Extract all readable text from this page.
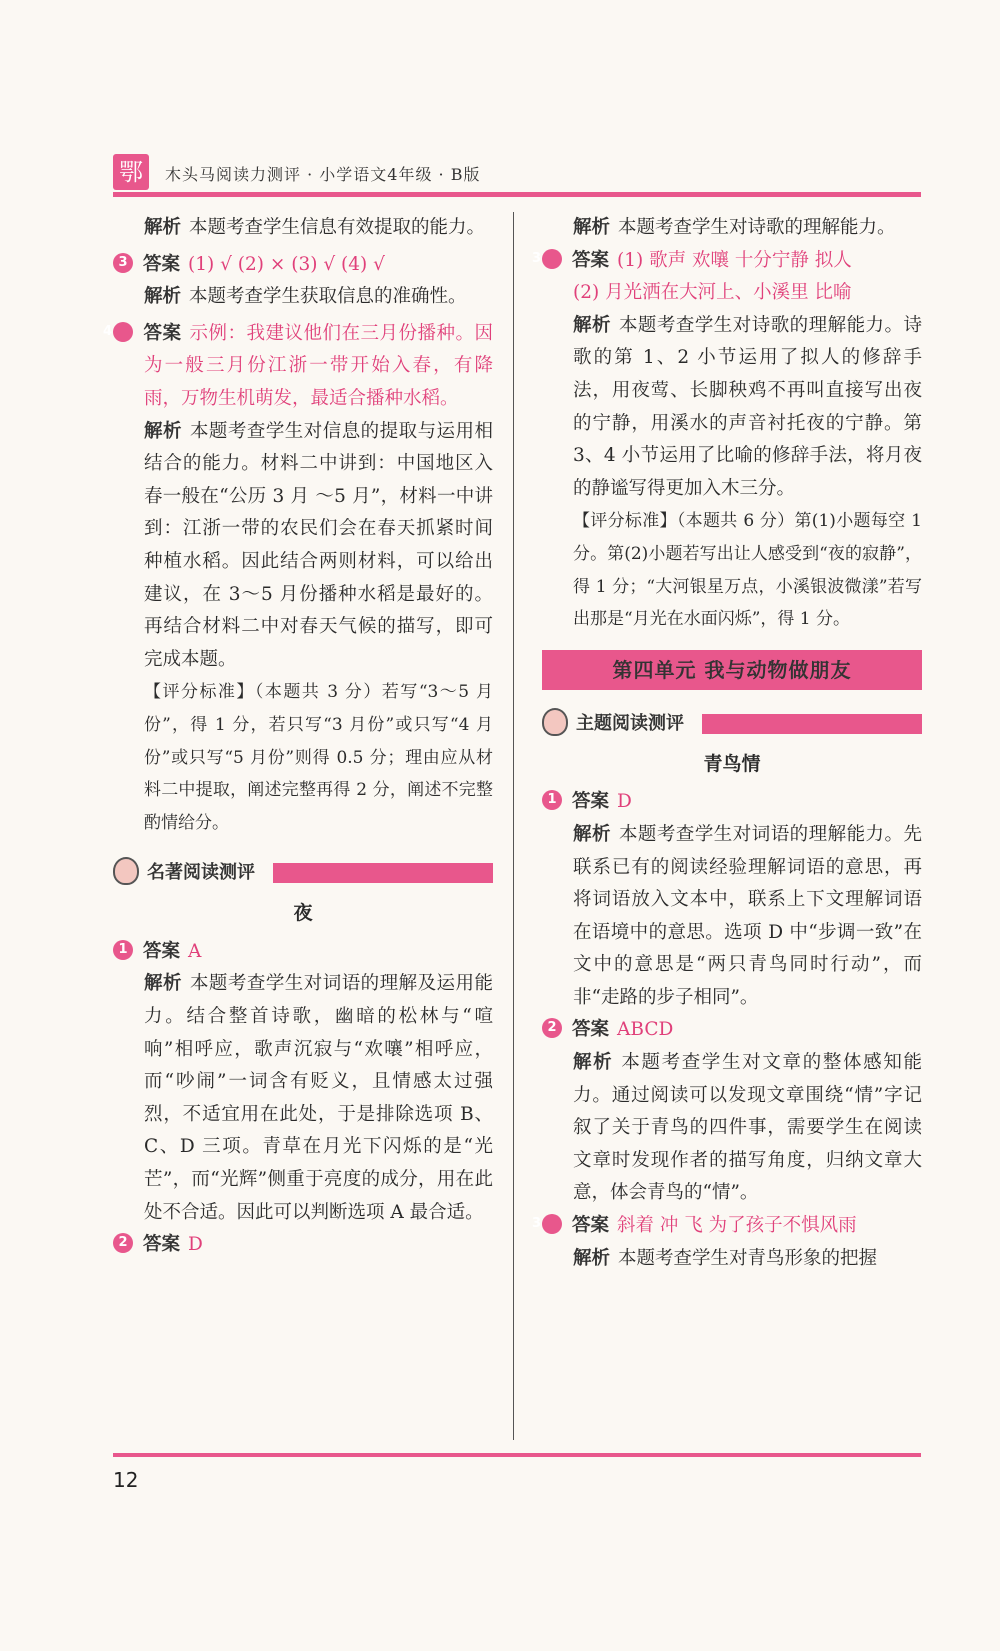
鄂	木头马阅读力测评 · 小学语文4年级 · B版

解析 本题考查学生信息有效提取的能力。

3 答案 (1) √ (2) × (3) √ (4) √

解析 本题考查学生获取信息的准确性。

4 答案 示例：我建议他们在三月份播种。因为一般三月份江浙一带开始入春，有降雨，万物生机萌发，最适合播种水稻。

解析 本题考查学生对信息的提取与运用相结合的能力。材料二中讲到：中国地区入春一般在“公历 3 月 ～5 月”，材料一中讲到：江浙一带的农民们会在春天抓紧时间种植水稻。因此结合两则材料，可以给出建议，在 3～5 月份播种水稻是最好的。再结合材料二中对春天气候的描写，即可完成本题。

【评分标准】（本题共 3 分）若写“3～5 月份”，得 1 分，若只写“3 月份”或只写“4 月份”或只写“5 月份”则得 0.5 分；理由应从材料二中提取，阐述完整再得 2 分，阐述不完整酌情给分。

名著阅读测评
夜

1 答案 A

解析 本题考查学生对词语的理解及运用能力。结合整首诗歌，幽暗的松林与“喧响”相呼应，歌声沉寂与“欢嚷”相呼应，而“吵闹”一词含有贬义，且情感太过强烈，不适宜用在此处，于是排除选项 B、C、D 三项。青草在月光下闪烁的是“光芒”，而“光辉”侧重于亮度的成分，用在此处不合适。因此可以判断选项 A 最合适。

2 答案 D

解析 本题考查学生对诗歌的理解能力。

3 答案 (1) 歌声 欢嚷 十分宁静 拟人

(2) 月光洒在大河上、小溪里 比喻

解析 本题考查学生对诗歌的理解能力。诗歌的第 1、2 小节运用了拟人的修辞手法，用夜莺、长脚秧鸡不再叫直接写出夜的宁静，用溪水的声音衬托夜的宁静。第 3、4 小节运用了比喻的修辞手法，将月夜的静谧写得更加入木三分。

【评分标准】（本题共 6 分）第(1)小题每空 1 分。第(2)小题若写出让人感受到“夜的寂静”，得 1 分；“大河银星万点，小溪银波微漾”若写出那是“月光在水面闪烁”，得 1 分。

第四单元 我与动物做朋友
主题阅读测评
青鸟情

1 答案 D

解析 本题考查学生对词语的理解能力。先联系已有的阅读经验理解词语的意思，再将词语放入文本中，联系上下文理解词语在语境中的意思。选项 D 中“步调一致”在文中的意思是“两只青鸟同时行动”，而非“走路的步子相同”。

2 答案 ABCD

解析 本题考查学生对文章的整体感知能力。通过阅读可以发现文章围绕“情”字记叙了关于青鸟的四件事，需要学生在阅读文章时发现作者的描写角度，归纳文章大意，体会青鸟的“情”。

3 答案 斜着 冲 飞 为了孩子不惧风雨

解析 本题考查学生对青鸟形象的把握

12
